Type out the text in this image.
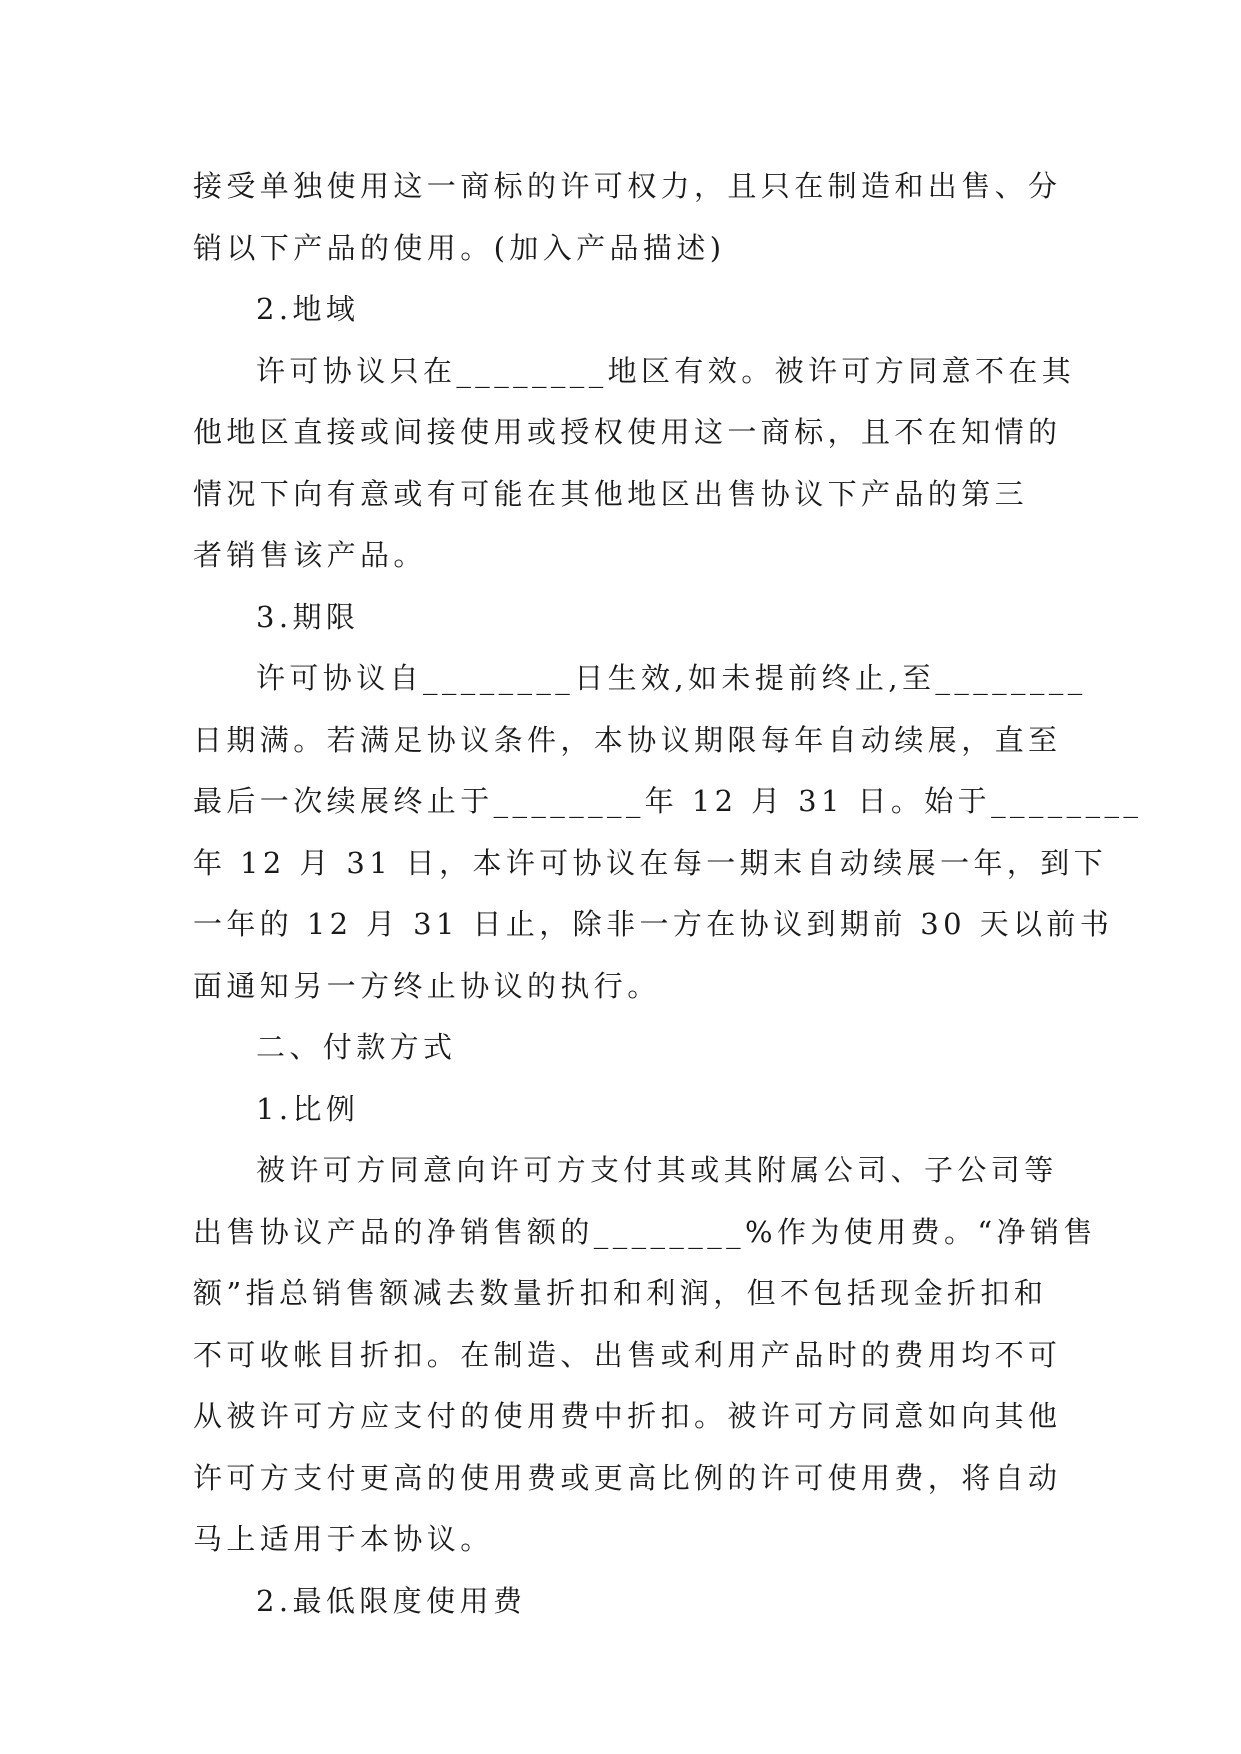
接受单独使用这一商标的许可权力，且只在制造和出售、分
销以下产品的使用。(加入产品描述)
2.地域
许可协议只在________地区有效。被许可方同意不在其
他地区直接或间接使用或授权使用这一商标，且不在知情的
情况下向有意或有可能在其他地区出售协议下产品的第三
者销售该产品。
3.期限
许可协议自________日生效,如未提前终止,至________
日期满。若满足协议条件，本协议期限每年自动续展，直至
最后一次续展终止于________年 12 月 31 日。始于________
年 12 月 31 日，本许可协议在每一期末自动续展一年，到下
一年的 12 月 31 日止，除非一方在协议到期前 30 天以前书
面通知另一方终止协议的执行。
二、付款方式
1.比例
被许可方同意向许可方支付其或其附属公司、子公司等
出售协议产品的净销售额的________%作为使用费。“净销售
额”指总销售额减去数量折扣和利润，但不包括现金折扣和
不可收帐目折扣。在制造、出售或利用产品时的费用均不可
从被许可方应支付的使用费中折扣。被许可方同意如向其他
许可方支付更高的使用费或更高比例的许可使用费，将自动
马上适用于本协议。
2.最低限度使用费
